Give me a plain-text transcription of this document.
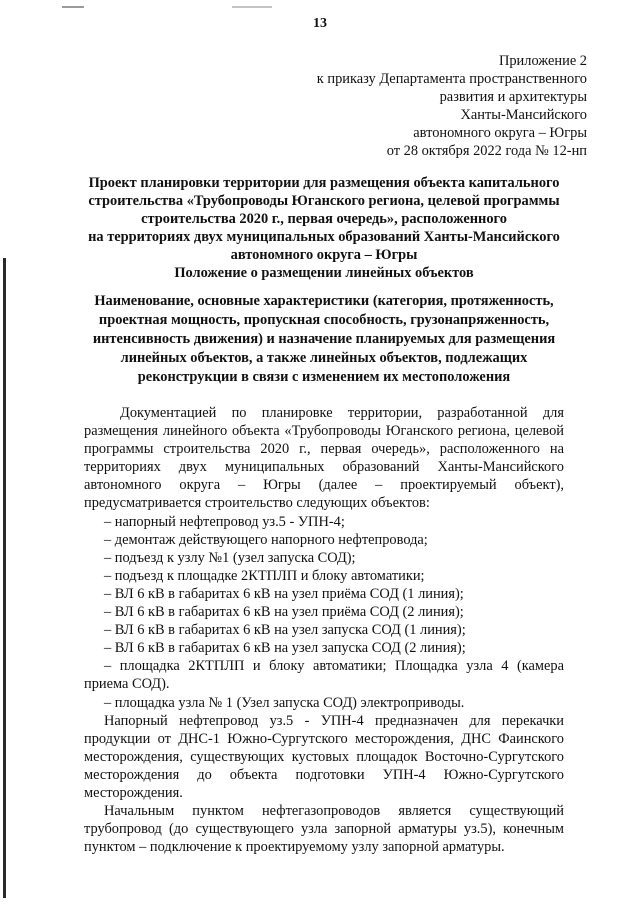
13
Приложение 2
к приказу Департамента пространственного
развития и архитектуры
Ханты-Мансийского
автономного округа – Югры
от 28 октября 2022 года № 12-нп
Проект планировки территории для размещения объекта капитального
строительства «Трубопроводы Юганского региона, целевой программы
строительства 2020 г., первая очередь», расположенного
на территориях двух муниципальных образований Ханты-Мансийского
автономного округа – Югры
Положение о размещении линейных объектов
Наименование, основные характеристики (категория, протяженность,
проектная мощность, пропускная способность, грузонапряженность,
интенсивность движения) и назначение планируемых для размещения
линейных объектов, а также линейных объектов, подлежащих
реконструкции в связи с изменением их местоположения
Документацией по планировке территории, разработанной для
размещения линейного объекта «Трубопроводы Юганского региона, целевой
программы строительства 2020 г., первая очередь», расположенного на
территориях двух муниципальных образований Ханты-Мансийского
автономного округа – Югры (далее – проектируемый объект),
предусматривается строительство следующих объектов:
– напорный нефтепровод уз.5 - УПН-4;
– демонтаж действующего напорного нефтепровода;
– подъезд к узлу №1 (узел запуска СОД);
– подъезд к площадке 2КТПЛП и блоку автоматики;
– ВЛ 6 кВ в габаритах 6 кВ на узел приёма СОД (1 линия);
– ВЛ 6 кВ в габаритах 6 кВ на узел приёма СОД (2 линия);
– ВЛ 6 кВ в габаритах 6 кВ на узел запуска СОД (1 линия);
– ВЛ 6 кВ в габаритах 6 кВ на узел запуска СОД (2 линия);
– площадка 2КТПЛП и блоку автоматики; Площадка узла 4 (камера
приема СОД).
– площадка узла № 1 (Узел запуска СОД) электроприводы.
Напорный нефтепровод уз.5 - УПН-4 предназначен для перекачки
продукции от ДНС-1 Южно-Сургутского месторождения, ДНС Фаинского
месторождения, существующих кустовых площадок Восточно-Сургутского
месторождения до объекта подготовки УПН-4 Южно-Сургутского
месторождения.
Начальным пунктом нефтегазопроводов является существующий
трубопровод (до существующего узла запорной арматуры уз.5), конечным
пунктом – подключение к проектируемому узлу запорной арматуры.
